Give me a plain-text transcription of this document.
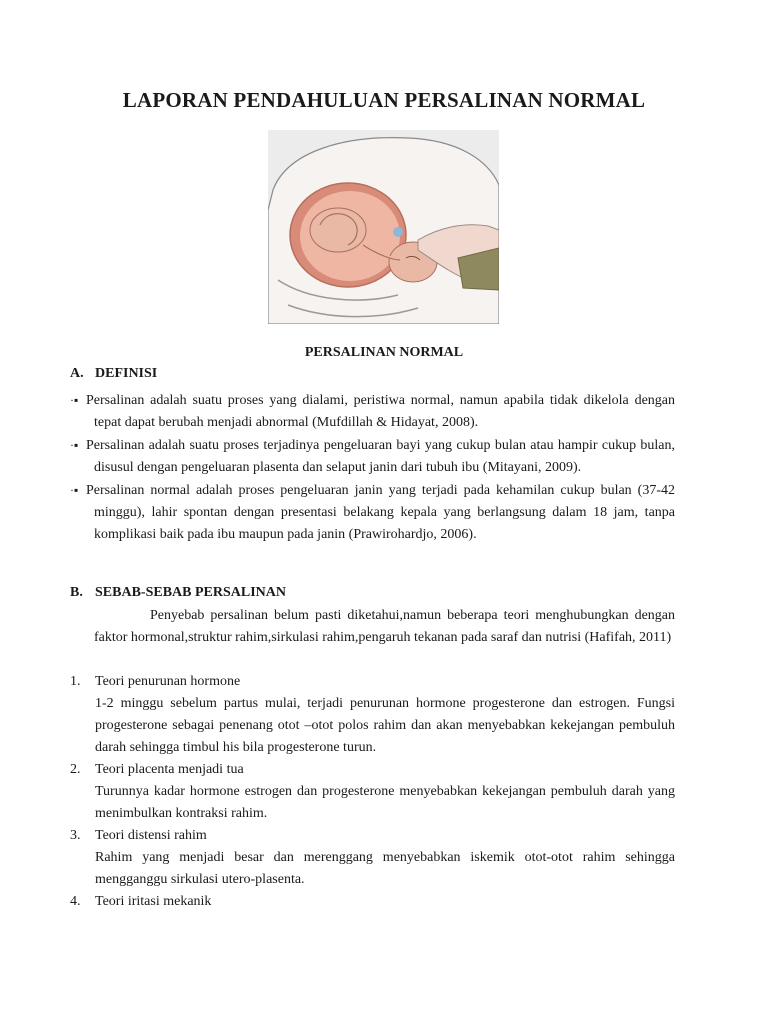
LAPORAN PENDAHULUAN PERSALINAN NORMAL
PERSALINAN NORMAL
A. DEFINISI
·▪ Persalinan adalah suatu proses yang dialami, peristiwa normal, namun apabila tidak dikelola dengan tepat dapat berubah menjadi abnormal (Mufdillah & Hidayat, 2008).
·▪ Persalinan adalah suatu proses terjadinya pengeluaran bayi yang cukup bulan atau hampir cukup bulan, disusul dengan pengeluaran plasenta dan selaput janin dari tubuh ibu (Mitayani, 2009).
·▪ Persalinan normal adalah proses pengeluaran janin yang terjadi pada kehamilan cukup bulan (37-42 minggu), lahir spontan dengan presentasi belakang kepala yang berlangsung dalam 18 jam, tanpa komplikasi baik pada ibu maupun pada janin (Prawirohardjo, 2006).
B. SEBAB-SEBAB PERSALINAN

Penyebab persalinan belum pasti diketahui,namun beberapa teori menghubungkan dengan faktor hormonal,struktur rahim,sirkulasi rahim,pengaruh tekanan pada saraf dan nutrisi (Hafifah, 2011)

1. Teori penurunan hormone
1-2 minggu sebelum partus mulai, terjadi penurunan hormone progesterone dan estrogen. Fungsi progesterone sebagai penenang otot –otot polos rahim dan akan menyebabkan kekejangan pembuluh darah sehingga timbul his bila progesterone turun.
2. Teori placenta menjadi tua
Turunnya kadar hormone estrogen dan progesterone menyebabkan kekejangan pembuluh darah yang menimbulkan kontraksi rahim.
3. Teori distensi rahim
Rahim yang menjadi besar dan merenggang menyebabkan iskemik otot-otot rahim sehingga mengganggu sirkulasi utero-plasenta.
4. Teori iritasi mekanik
